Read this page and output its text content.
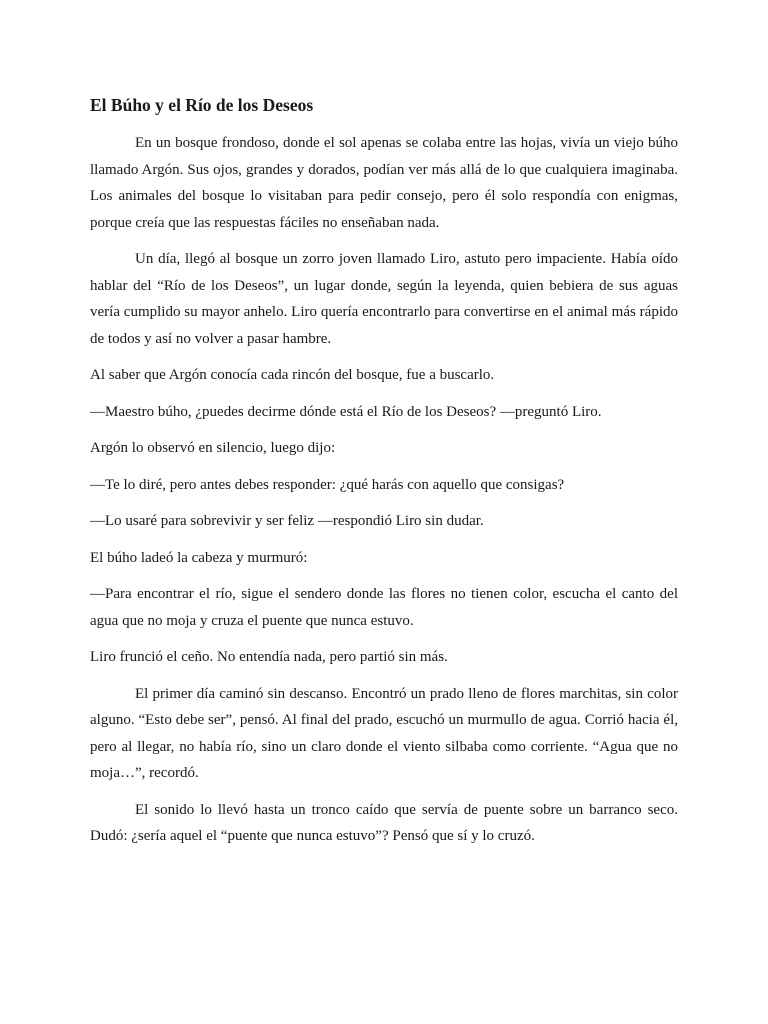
El Búho y el Río de los Deseos

En un bosque frondoso, donde el sol apenas se colaba entre las hojas, vivía un viejo búho llamado Argón. Sus ojos, grandes y dorados, podían ver más allá de lo que cualquiera imaginaba. Los animales del bosque lo visitaban para pedir consejo, pero él solo respondía con enigmas, porque creía que las respuestas fáciles no enseñaban nada.

Un día, llegó al bosque un zorro joven llamado Liro, astuto pero impaciente. Había oído hablar del “Río de los Deseos”, un lugar donde, según la leyenda, quien bebiera de sus aguas vería cumplido su mayor anhelo. Liro quería encontrarlo para convertirse en el animal más rápido de todos y así no volver a pasar hambre.

Al saber que Argón conocía cada rincón del bosque, fue a buscarlo.

—Maestro búho, ¿puedes decirme dónde está el Río de los Deseos? —preguntó Liro.

Argón lo observó en silencio, luego dijo:

—Te lo diré, pero antes debes responder: ¿qué harás con aquello que consigas?

—Lo usaré para sobrevivir y ser feliz —respondió Liro sin dudar.

El búho ladeó la cabeza y murmuró:

—Para encontrar el río, sigue el sendero donde las flores no tienen color, escucha el canto del agua que no moja y cruza el puente que nunca estuvo.

Liro frunció el ceño. No entendía nada, pero partió sin más.

El primer día caminó sin descanso. Encontró un prado lleno de flores marchitas, sin color alguno. “Esto debe ser”, pensó. Al final del prado, escuchó un murmullo de agua. Corrió hacia él, pero al llegar, no había río, sino un claro donde el viento silbaba como corriente. “Agua que no moja…”, recordó.

El sonido lo llevó hasta un tronco caído que servía de puente sobre un barranco seco. Dudó: ¿sería aquel el “puente que nunca estuvo”? Pensó que sí y lo cruzó.
